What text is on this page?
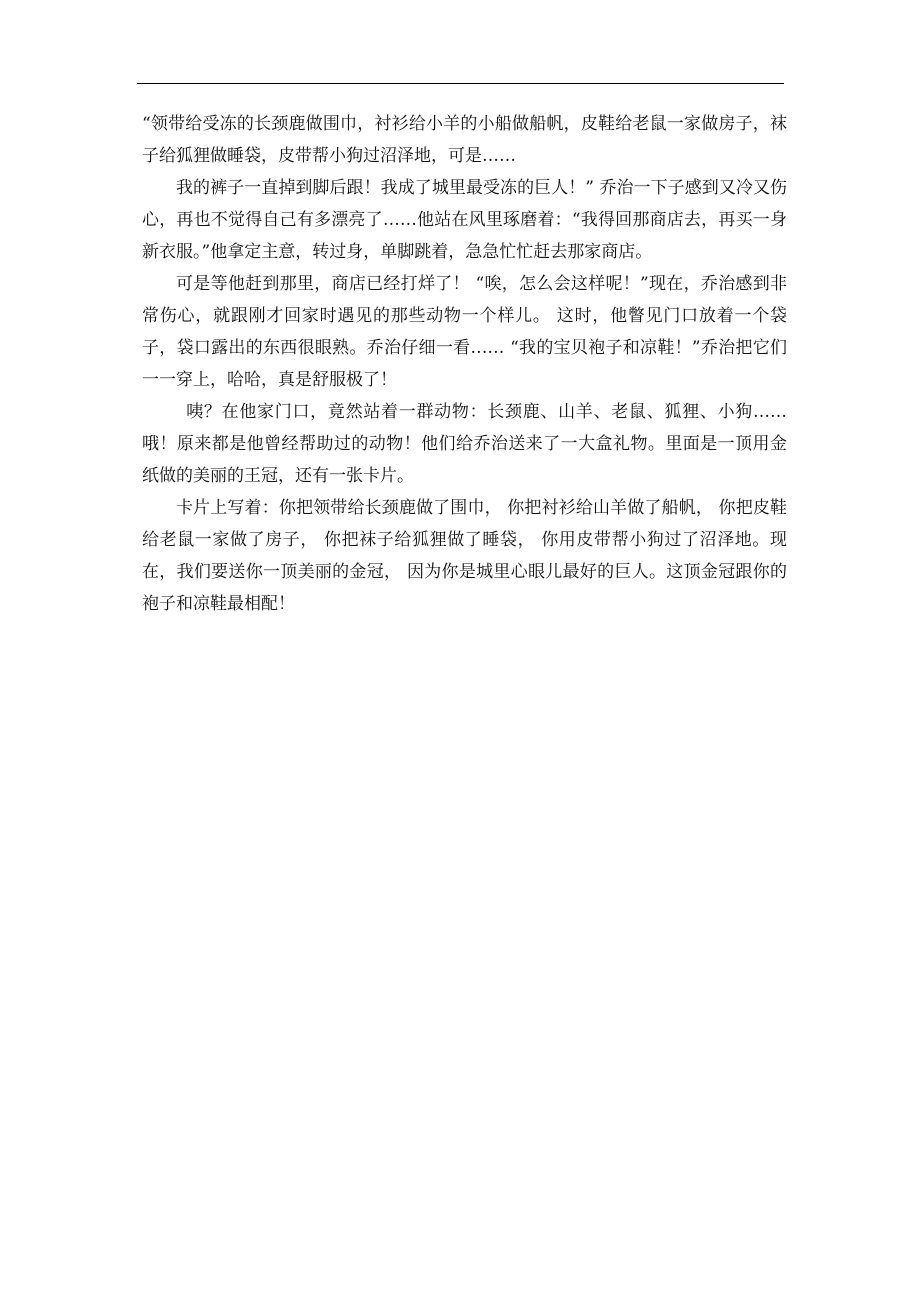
“领带给受冻的长颈鹿做围巾，衬衫给小羊的小船做船帆，皮鞋给老鼠一家做房子，袜子给狐狸做睡袋，皮带帮小狗过沼泽地，可是……

我的裤子一直掉到脚后跟！我成了城里最受冻的巨人！” 乔治一下子感到又冷又伤心，再也不觉得自己有多漂亮了……他站在风里琢磨着：“我得回那商店去，再买一身新衣服。”他拿定主意，转过身，单脚跳着，急急忙忙赶去那家商店。

可是等他赶到那里，商店已经打烊了！ “唉，怎么会这样呢！”现在，乔治感到非常伤心，就跟刚才回家时遇见的那些动物一个样儿。 这时，他瞥见门口放着一个袋子，袋口露出的东西很眼熟。乔治仔细一看…… “我的宝贝袍子和凉鞋！”乔治把它们一一穿上，哈哈，真是舒服极了！

咦？在他家门口，竟然站着一群动物：长颈鹿、山羊、老鼠、狐狸、小狗……哦！原来都是他曾经帮助过的动物！他们给乔治送来了一大盒礼物。里面是一顶用金纸做的美丽的王冠，还有一张卡片。

卡片上写着：你把领带给长颈鹿做了围巾， 你把衬衫给山羊做了船帆， 你把皮鞋给老鼠一家做了房子， 你把袜子给狐狸做了睡袋， 你用皮带帮小狗过了沼泽地。现在，我们要送你一顶美丽的金冠， 因为你是城里心眼儿最好的巨人。这顶金冠跟你的袍子和凉鞋最相配！
